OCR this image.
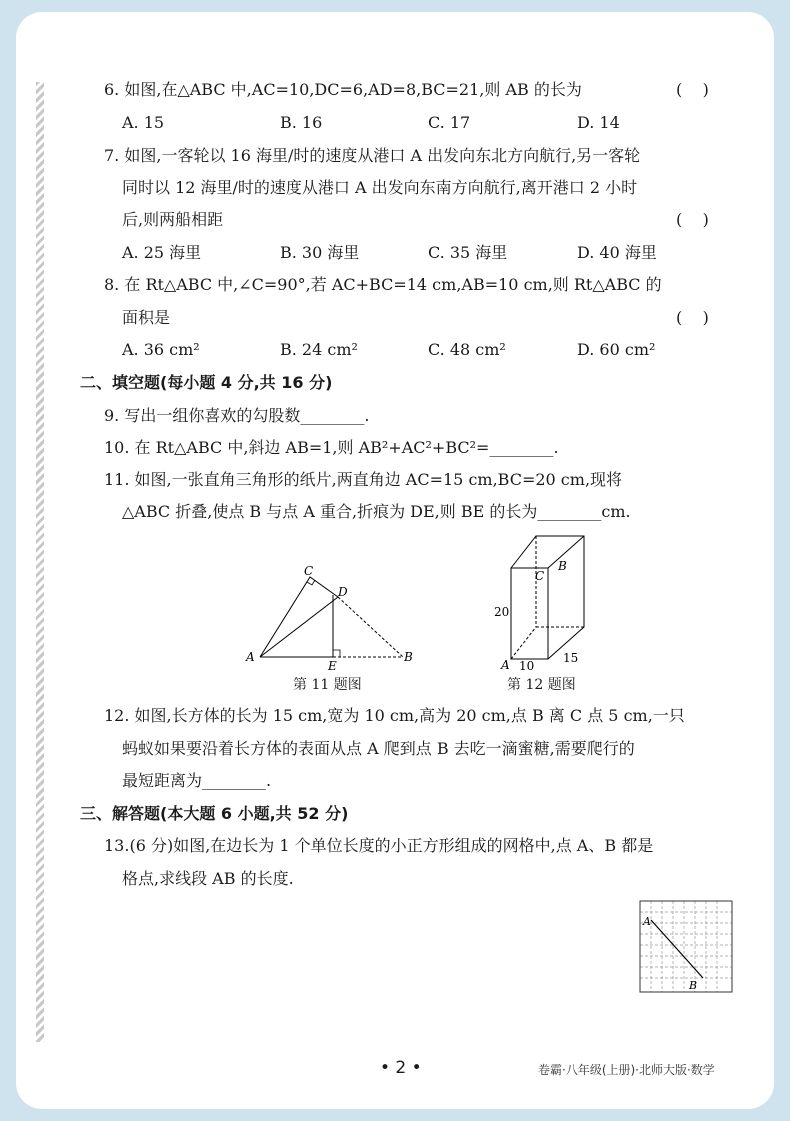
6. 如图,在△ABC 中,AC=10,DC=6,AD=8,BC=21,则 AB 的长为	(    )
A. 15	B. 16	C. 17	D. 14
7. 如图,一客轮以 16 海里/时的速度从港口 A 出发向东北方向航行,另一客轮
同时以 12 海里/时的速度从港口 A 出发向东南方向航行,离开港口 2 小时
后,则两船相距	(    )
A. 25 海里	B. 30 海里	C. 35 海里	D. 40 海里
8. 在 Rt△ABC 中,∠C=90°,若 AC+BC=14 cm,AB=10 cm,则 Rt△ABC 的
面积是	(    )
A. 36 cm²	B. 24 cm²	C. 48 cm²	D. 60 cm²
二、填空题(每小题 4 分,共 16 分)
9. 写出一组你喜欢的勾股数________.
10. 在 Rt△ABC 中,斜边 AB=1,则 AB²+AC²+BC²=________.
11. 如图,一张直角三角形的纸片,两直角边 AC=15 cm,BC=20 cm,现将
△ABC 折叠,使点 B 与点 A 重合,折痕为 DE,则 BE 的长为________cm.
A	B
C
D
E
第 11 题图
A
B
C
20
10
15
第 12 题图
12. 如图,长方体的长为 15 cm,宽为 10 cm,高为 20 cm,点 B 离 C 点 5 cm,一只
蚂蚁如果要沿着长方体的表面从点 A 爬到点 B 去吃一滴蜜糖,需要爬行的
最短距离为________.
三、解答题(本大题 6 小题,共 52 分)
13.(6 分)如图,在边长为 1 个单位长度的小正方形组成的网格中,点 A、B 都是
格点,求线段 AB 的长度.
A
B
• 2 •	卷霸·八年级(上册)·北师大版·数学
